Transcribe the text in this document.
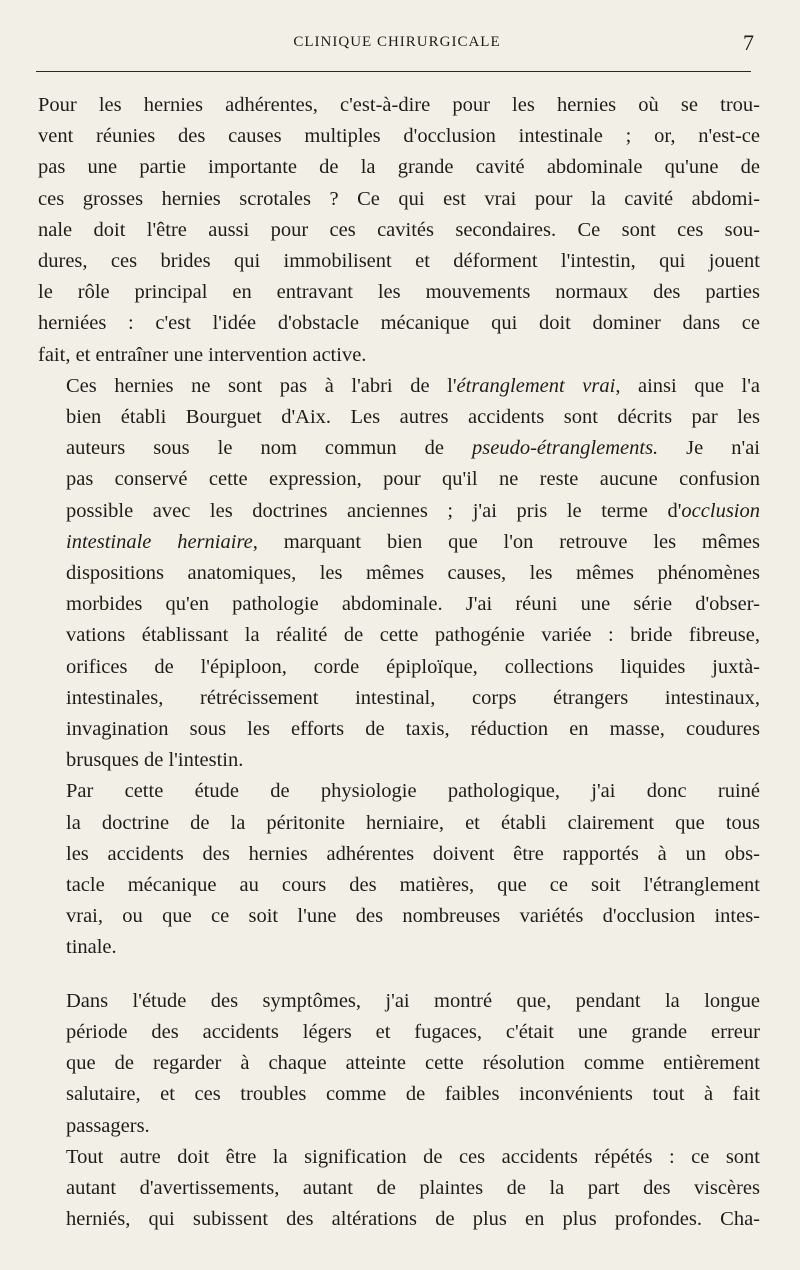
CLINIQUE CHIRURGICALE	7

Pour les hernies adhérentes, c'est-à-dire pour les hernies où se trou-
vent réunies des causes multiples d'occlusion intestinale ; or, n'est-ce
pas une partie importante de la grande cavité abdominale qu'une de
ces grosses hernies scrotales ? Ce qui est vrai pour la cavité abdomi-
nale doit l'être aussi pour ces cavités secondaires. Ce sont ces sou-
dures, ces brides qui immobilisent et déforment l'intestin, qui jouent
le rôle principal en entravant les mouvements normaux des parties
herniées : c'est l'idée d'obstacle mécanique qui doit dominer dans ce
fait, et entraîner une intervention active.

Ces hernies ne sont pas à l'abri de l'étranglement vrai, ainsi que l'a
bien établi Bourguet d'Aix. Les autres accidents sont décrits par les
auteurs sous le nom commun de pseudo-étranglements. Je n'ai
pas conservé cette expression, pour qu'il ne reste aucune confusion
possible avec les doctrines anciennes ; j'ai pris le terme d'occlusion
intestinale herniaire, marquant bien que l'on retrouve les mêmes
dispositions anatomiques, les mêmes causes, les mêmes phénomènes
morbides qu'en pathologie abdominale. J'ai réuni une série d'obser-
vations établissant la réalité de cette pathogénie variée : bride fibreuse,
orifices de l'épiploon, corde épiploïque, collections liquides juxtà-
intestinales, rétrécissement intestinal, corps étrangers intestinaux,
invagination sous les efforts de taxis, réduction en masse, coudures
brusques de l'intestin.

Par cette étude de physiologie pathologique, j'ai donc ruiné
la doctrine de la péritonite herniaire, et établi clairement que tous
les accidents des hernies adhérentes doivent être rapportés à un obs-
tacle mécanique au cours des matières, que ce soit l'étranglement
vrai, ou que ce soit l'une des nombreuses variétés d'occlusion intes-
tinale.

Dans l'étude des symptômes, j'ai montré que, pendant la longue
période des accidents légers et fugaces, c'était une grande erreur
que de regarder à chaque atteinte cette résolution comme entièrement
salutaire, et ces troubles comme de faibles inconvénients tout à fait
passagers.

Tout autre doit être la signification de ces accidents répétés : ce sont
autant d'avertissements, autant de plaintes de la part des viscères
herniés, qui subissent des altérations de plus en plus profondes. Cha-
